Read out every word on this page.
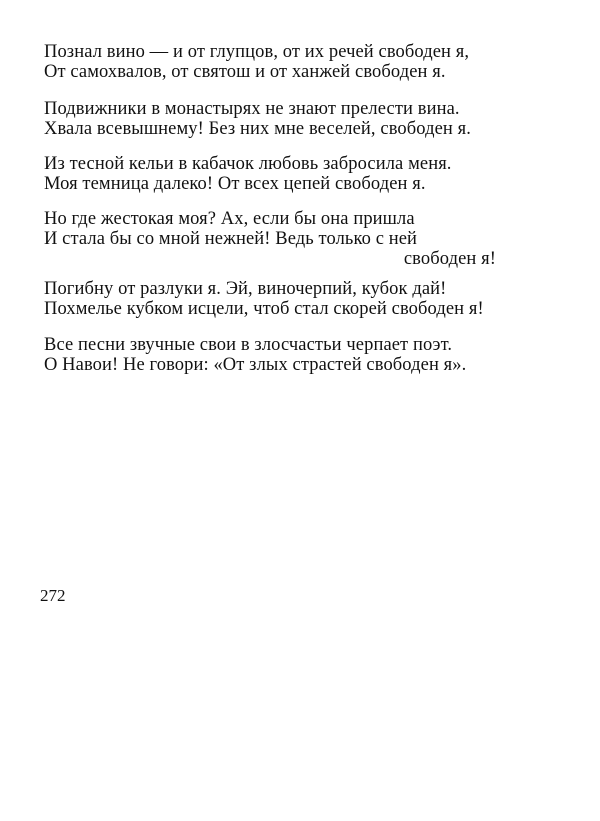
Познал вино — и от глупцов, от их речей свободен я,
От самохвалов, от святош и от ханжей свободен я.
Подвижники в монастырях не знают прелести вина.
Хвала всевышнему! Без них мне веселей, свободен я.
Из тесной кельи в кабачок любовь забросила меня.
Моя темница далеко! От всех цепей свободен я.
Но где жестокая моя? Ах, если бы она пришла
И стала бы со мной нежней! Ведь только с ней
свободен я!
Погибну от разлуки я. Эй, виночерпий, кубок дай!
Похмелье кубком исцели, чтоб стал скорей свободен я!
Все песни звучные свои в злосчастьи черпает поэт.
О Навои! Не говори: «От злых страстей свободен я».
272
